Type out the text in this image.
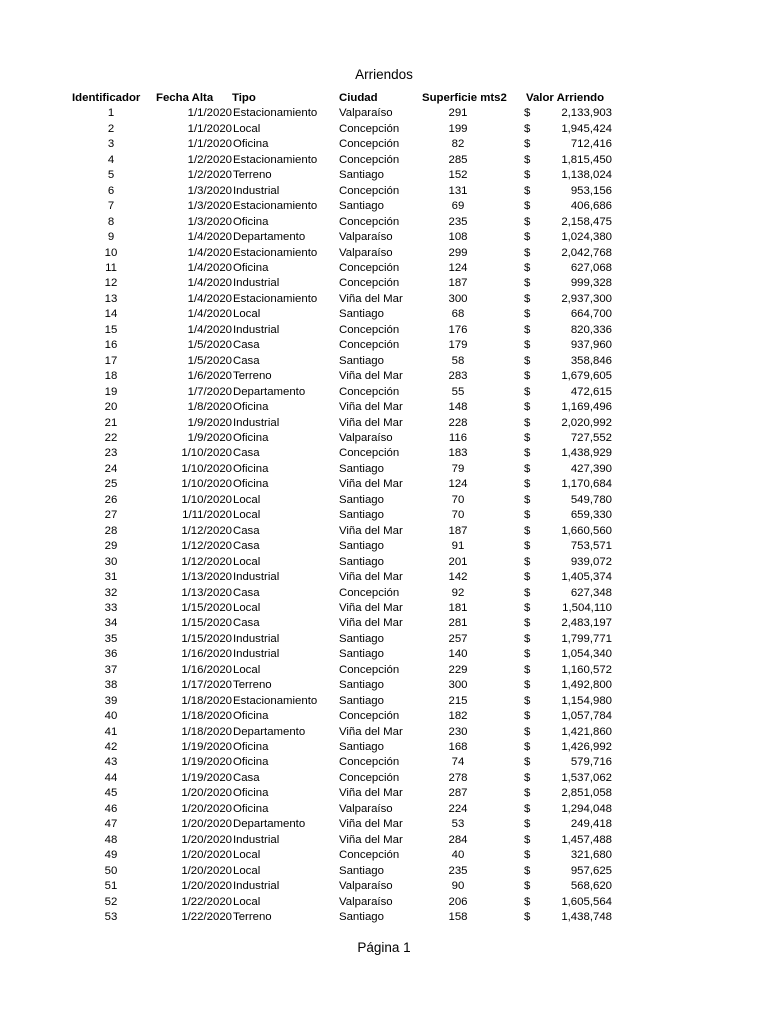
Arriendos
Identificador	Fecha Alta	Tipo	Ciudad	Superficie mts2	Valor Arriendo	
1	1/1/2020	Estacionamiento	Valparaíso	291	$	2,133,903
2	1/1/2020	Local	Concepción	199	$	1,945,424
3	1/1/2020	Oficina	Concepción	82	$	712,416
4	1/2/2020	Estacionamiento	Concepción	285	$	1,815,450
5	1/2/2020	Terreno	Santiago	152	$	1,138,024
6	1/3/2020	Industrial	Concepción	131	$	953,156
7	1/3/2020	Estacionamiento	Santiago	69	$	406,686
8	1/3/2020	Oficina	Concepción	235	$	2,158,475
9	1/4/2020	Departamento	Valparaíso	108	$	1,024,380
10	1/4/2020	Estacionamiento	Valparaíso	299	$	2,042,768
11	1/4/2020	Oficina	Concepción	124	$	627,068
12	1/4/2020	Industrial	Concepción	187	$	999,328
13	1/4/2020	Estacionamiento	Viña del Mar	300	$	2,937,300
14	1/4/2020	Local	Santiago	68	$	664,700
15	1/4/2020	Industrial	Concepción	176	$	820,336
16	1/5/2020	Casa	Concepción	179	$	937,960
17	1/5/2020	Casa	Santiago	58	$	358,846
18	1/6/2020	Terreno	Viña del Mar	283	$	1,679,605
19	1/7/2020	Departamento	Concepción	55	$	472,615
20	1/8/2020	Oficina	Viña del Mar	148	$	1,169,496
21	1/9/2020	Industrial	Viña del Mar	228	$	2,020,992
22	1/9/2020	Oficina	Valparaíso	116	$	727,552
23	1/10/2020	Casa	Concepción	183	$	1,438,929
24	1/10/2020	Oficina	Santiago	79	$	427,390
25	1/10/2020	Oficina	Viña del Mar	124	$	1,170,684
26	1/10/2020	Local	Santiago	70	$	549,780
27	1/11/2020	Local	Santiago	70	$	659,330
28	1/12/2020	Casa	Viña del Mar	187	$	1,660,560
29	1/12/2020	Casa	Santiago	91	$	753,571
30	1/12/2020	Local	Santiago	201	$	939,072
31	1/13/2020	Industrial	Viña del Mar	142	$	1,405,374
32	1/13/2020	Casa	Concepción	92	$	627,348
33	1/15/2020	Local	Viña del Mar	181	$	1,504,110
34	1/15/2020	Casa	Viña del Mar	281	$	2,483,197
35	1/15/2020	Industrial	Santiago	257	$	1,799,771
36	1/16/2020	Industrial	Santiago	140	$	1,054,340
37	1/16/2020	Local	Concepción	229	$	1,160,572
38	1/17/2020	Terreno	Santiago	300	$	1,492,800
39	1/18/2020	Estacionamiento	Santiago	215	$	1,154,980
40	1/18/2020	Oficina	Concepción	182	$	1,057,784
41	1/18/2020	Departamento	Viña del Mar	230	$	1,421,860
42	1/19/2020	Oficina	Santiago	168	$	1,426,992
43	1/19/2020	Oficina	Concepción	74	$	579,716
44	1/19/2020	Casa	Concepción	278	$	1,537,062
45	1/20/2020	Oficina	Viña del Mar	287	$	2,851,058
46	1/20/2020	Oficina	Valparaíso	224	$	1,294,048
47	1/20/2020	Departamento	Viña del Mar	53	$	249,418
48	1/20/2020	Industrial	Viña del Mar	284	$	1,457,488
49	1/20/2020	Local	Concepción	40	$	321,680
50	1/20/2020	Local	Santiago	235	$	957,625
51	1/20/2020	Industrial	Valparaíso	90	$	568,620
52	1/22/2020	Local	Valparaíso	206	$	1,605,564
53	1/22/2020	Terreno	Santiago	158	$	1,438,748
Página 1
